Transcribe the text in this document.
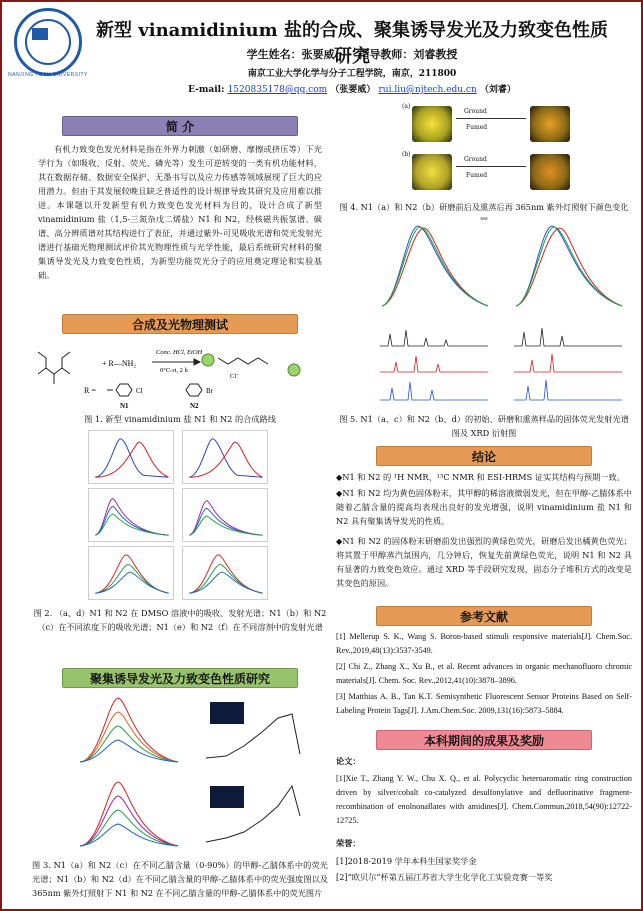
NANJING TECH UNIVERSITY
新型 vinamidinium 盐的合成、聚集诱导发光及力致变色性质研究
学生姓名：张要威 指导教师：刘睿教授
南京工业大学化学与分子工程学院，南京，211800
E-mail: 1520835178@qq.com （张要威） rui.liu@njtech.edu.cn （刘睿）
简 介
有机力致变色发光材料是指在外界力刺激（如研磨、摩擦或挤压等）下光学行为（如吸收、反射、荧光、磷光等）发生可逆转变的一类有机功能材料，其在数据存储、数据安全保护、无墨书写以及应力传感等领域展现了巨大的应用潜力。但由于其发展较晚且缺乏普适性的设计规律导致其研究及应用难以推进。本课题以开发新型有机力致变色发光材料为目的，设计合成了新型 vinamidinium 盐（1,5-三氮杂戊二烯盐）N1 和 N2，经核磁共振氢谱、碳谱、高分辨质谱对其结构进行了表征，并通过紫外-可见吸收光谱和荧光发射光谱进行基础光物理测试评价其光物理性质与光学性能，最后系统研究材料的聚集诱导发光及力致变色性质，为新型功能荧光分子的应用奠定理论和实验基础。
合成及光物理测试
+ R—NH₂
Conc. HCl, EtOH
0°C-rt, 2 h
Cl⁻
R =	Cl	Br
N1	N2
图 1. 新型 vinamidinium 盐 N1 和 N2 的合成路线
图 2. （a、d）N1 和 N2 在 DMSO 溶液中的吸收、发射光谱；N1（b）和 N2（c）在不同浓度下的吸收光谱；N1（e）和 N2（f）在不同溶剂中的发射光谱
聚集诱导发光及力致变色性质研究
图 3. N1（a）和 N2（c）在不同乙腈含量（0-90%）的甲醇-乙腈体系中的荧光光谱；N1（b）和 N2（d）在不同乙腈含量的甲醇-乙腈体系中的荧光强度图以及 365nm 紫外灯照射下 N1 和 N2 在不同乙腈含量的甲醇-乙腈体系中的荧光图片
(a)
Ground
Fumed
(b)
Ground
Fumed
图 4. N1（a）和 N2（b）研磨前后及熏蒸后再 365nm 紫外灯照射下颜色变化
图 5. N1（a、c）和 N2（b、d）的初始、研磨和熏蒸样品的固体荧光发射光谱图及 XRD 衍射图
结论
◆N1 和 N2 的 ¹H NMR、¹³C NMR 和 ESI-HRMS 证实其结构与预期一致。
◆N1 和 N2 均为黄色固体粉末，其甲醇的稀溶液微弱发光，但在甲醇-乙腈体系中随着乙腈含量的提高均表现出良好的发光增强，说明 vinamidinium 盐 N1 和 N2 具有聚集诱导发光的性质。
◆N1 和 N2 的固体粉末研磨前发出强烈的黄绿色荧光，研磨后发出橘黄色荧光；将其置于甲醇蒸汽氛围内，几分钟后，恢复先前黄绿色荧光，说明 N1 和 N2 具有显著的力致变色效应。通过 XRD 等手段研究发现，固态分子堆积方式的改变是其变色的原因。
参考文献
[1] Mellerup S. K., Wang S. Boron-based stimuli responsive materials[J]. Chem.Soc. Rev.,2019,48(13):3537-3549.
[2] Chi Z., Zhang X., Xu B., et al. Recent advances in organic mechanofluoro chromic materials[J]. Chem. Soc. Rev.,2012,41(10):3878–3896.
[3] Matthias A. B., Tan K.T. Semisynthetic Fluorescent Sensor Proteins Based on Self-Labeling Protein Tags[J]. J.Am.Chem.Soc. 2009,131(16):5873–5884.
本科期间的成果及奖励
论文：
[1]Xie T., Zhang Y. W., Chu X. Q., et al. Polycyclic heteroaromatic ring construction driven by silver/cobalt co-catalyzed desulfonylative and defluorinative fragment-recombination of enolnonaflates with amidines[J]. Chem.Commun,2018,54(90):12722-12725.
荣誉：
[1]2018-2019 学年本科生国家奖学金
[2]“欧贝尔”杯第五届江苏省大学生化学化工实验竞赛一等奖
